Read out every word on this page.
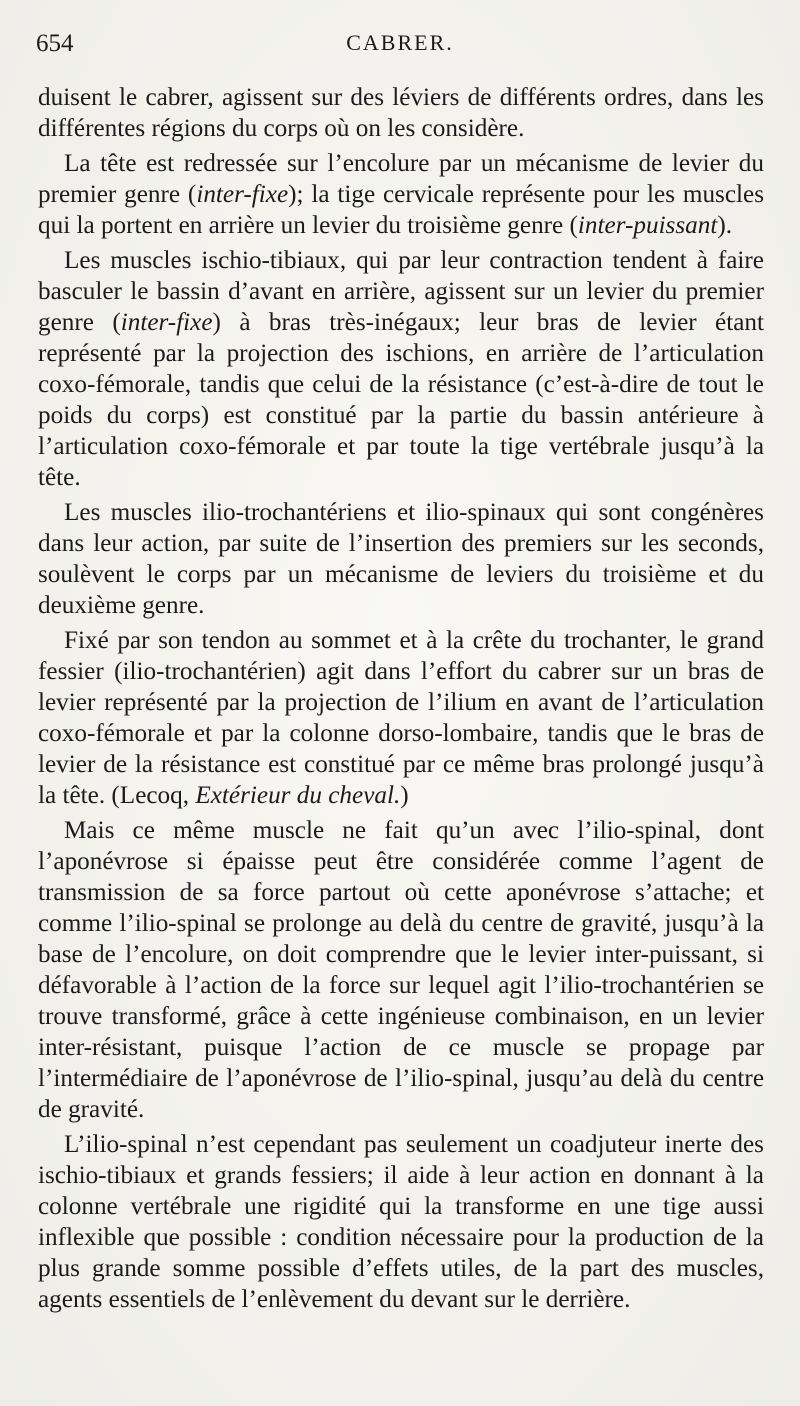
654	CABRER.

duisent le cabrer, agissent sur des léviers de différents ordres, dans les différentes régions du corps où on les considère.

La tête est redressée sur l’encolure par un mécanisme de levier du premier genre (inter-fixe); la tige cervicale représente pour les muscles qui la portent en arrière un levier du troisième genre (inter-puissant).

Les muscles ischio-tibiaux, qui par leur contraction tendent à faire basculer le bassin d’avant en arrière, agissent sur un levier du premier genre (inter-fixe) à bras très-inégaux; leur bras de levier étant représenté par la projection des ischions, en arrière de l’articulation coxo-fémorale, tandis que celui de la résistance (c’est-à-dire de tout le poids du corps) est constitué par la partie du bassin antérieure à l’articulation coxo-fémorale et par toute la tige vertébrale jusqu’à la tête.

Les muscles ilio-trochantériens et ilio-spinaux qui sont congénères dans leur action, par suite de l’insertion des premiers sur les seconds, soulèvent le corps par un mécanisme de leviers du troisième et du deuxième genre.

Fixé par son tendon au sommet et à la crête du trochanter, le grand fessier (ilio-trochantérien) agit dans l’effort du cabrer sur un bras de levier représenté par la projection de l’ilium en avant de l’articulation coxo-fémorale et par la colonne dorso-lombaire, tandis que le bras de levier de la résistance est constitué par ce même bras prolongé jusqu’à la tête. (Lecoq, Extérieur du cheval.)

Mais ce même muscle ne fait qu’un avec l’ilio-spinal, dont l’aponévrose si épaisse peut être considérée comme l’agent de transmission de sa force partout où cette aponévrose s’attache; et comme l’ilio-spinal se prolonge au delà du centre de gravité, jusqu’à la base de l’encolure, on doit comprendre que le levier inter-puissant, si défavorable à l’action de la force sur lequel agit l’ilio-trochantérien se trouve transformé, grâce à cette ingénieuse combinaison, en un levier inter-résistant, puisque l’action de ce muscle se propage par l’intermédiaire de l’aponévrose de l’ilio-spinal, jusqu’au delà du centre de gravité.

L’ilio-spinal n’est cependant pas seulement un coadjuteur inerte des ischio-tibiaux et grands fessiers; il aide à leur action en donnant à la colonne vertébrale une rigidité qui la transforme en une tige aussi inflexible que possible : condition nécessaire pour la production de la plus grande somme possible d’effets utiles, de la part des muscles, agents essentiels de l’enlèvement du devant sur le derrière.
